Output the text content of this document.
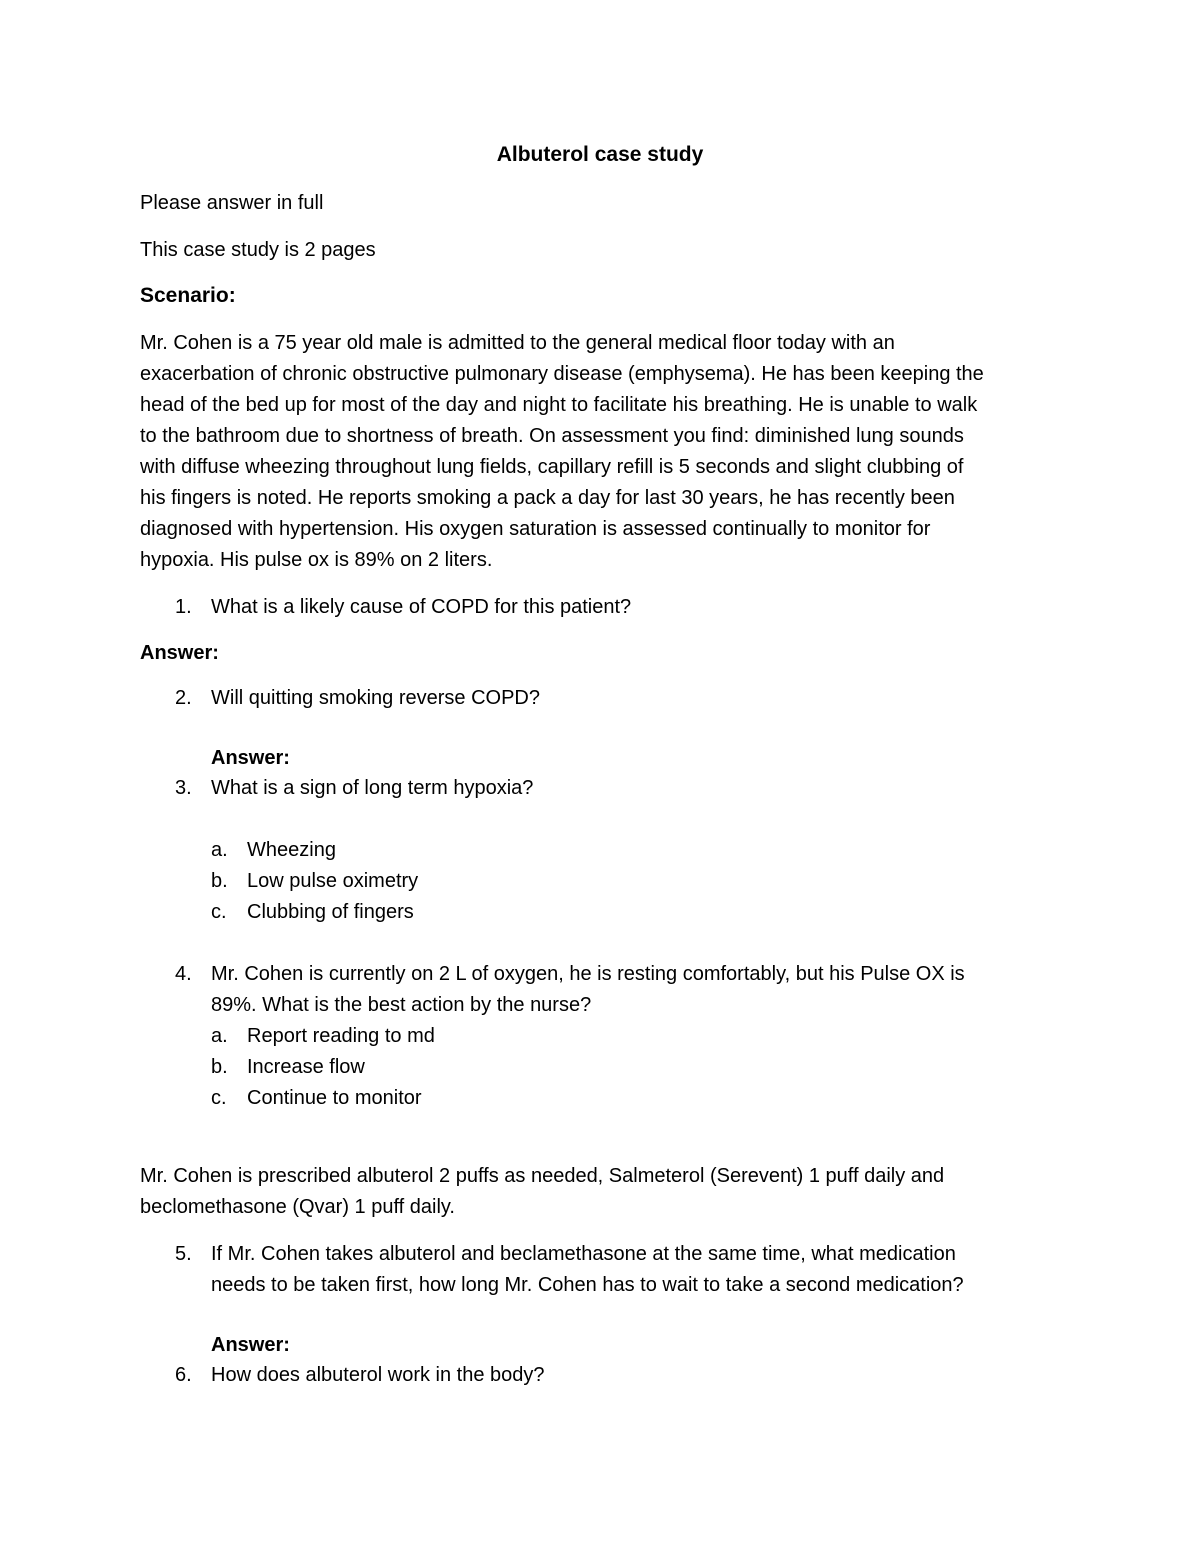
Albuterol case study
Please answer in full
This case study is 2 pages
Scenario:
Mr. Cohen is a 75 year old male is admitted to the general medical floor today with an
exacerbation of chronic obstructive pulmonary disease (emphysema). He has been keeping the
head of the bed up for most of the day and night to facilitate his breathing. He is unable to walk
to the bathroom due to shortness of breath. On assessment you find: diminished lung sounds
with diffuse wheezing throughout lung fields, capillary refill is 5 seconds and slight clubbing of
his fingers is noted. He reports smoking a pack a day for last 30 years, he has recently been
diagnosed with hypertension. His oxygen saturation is assessed continually to monitor for
hypoxia. His pulse ox is 89% on 2 liters.
1. What is a likely cause of COPD for this patient?
Answer:
2. Will quitting smoking reverse COPD?
Answer:
3. What is a sign of long term hypoxia?
a. Wheezing
b. Low pulse oximetry
c.	Clubbing of fingers
4. Mr. Cohen is currently on 2 L of oxygen, he is resting comfortably, but his Pulse OX is
89%. What is the best action by the nurse?
a. Report reading to md
b. Increase flow
c.	Continue to monitor
Mr. Cohen is prescribed albuterol 2 puffs as needed, Salmeterol (Serevent) 1 puff daily and
beclomethasone (Qvar) 1 puff daily.
5. If Mr. Cohen takes albuterol and beclamethasone at the same time, what medication
needs to be taken first, how long Mr. Cohen has to wait to take a second medication?
Answer:
6. How does albuterol work in the body?
